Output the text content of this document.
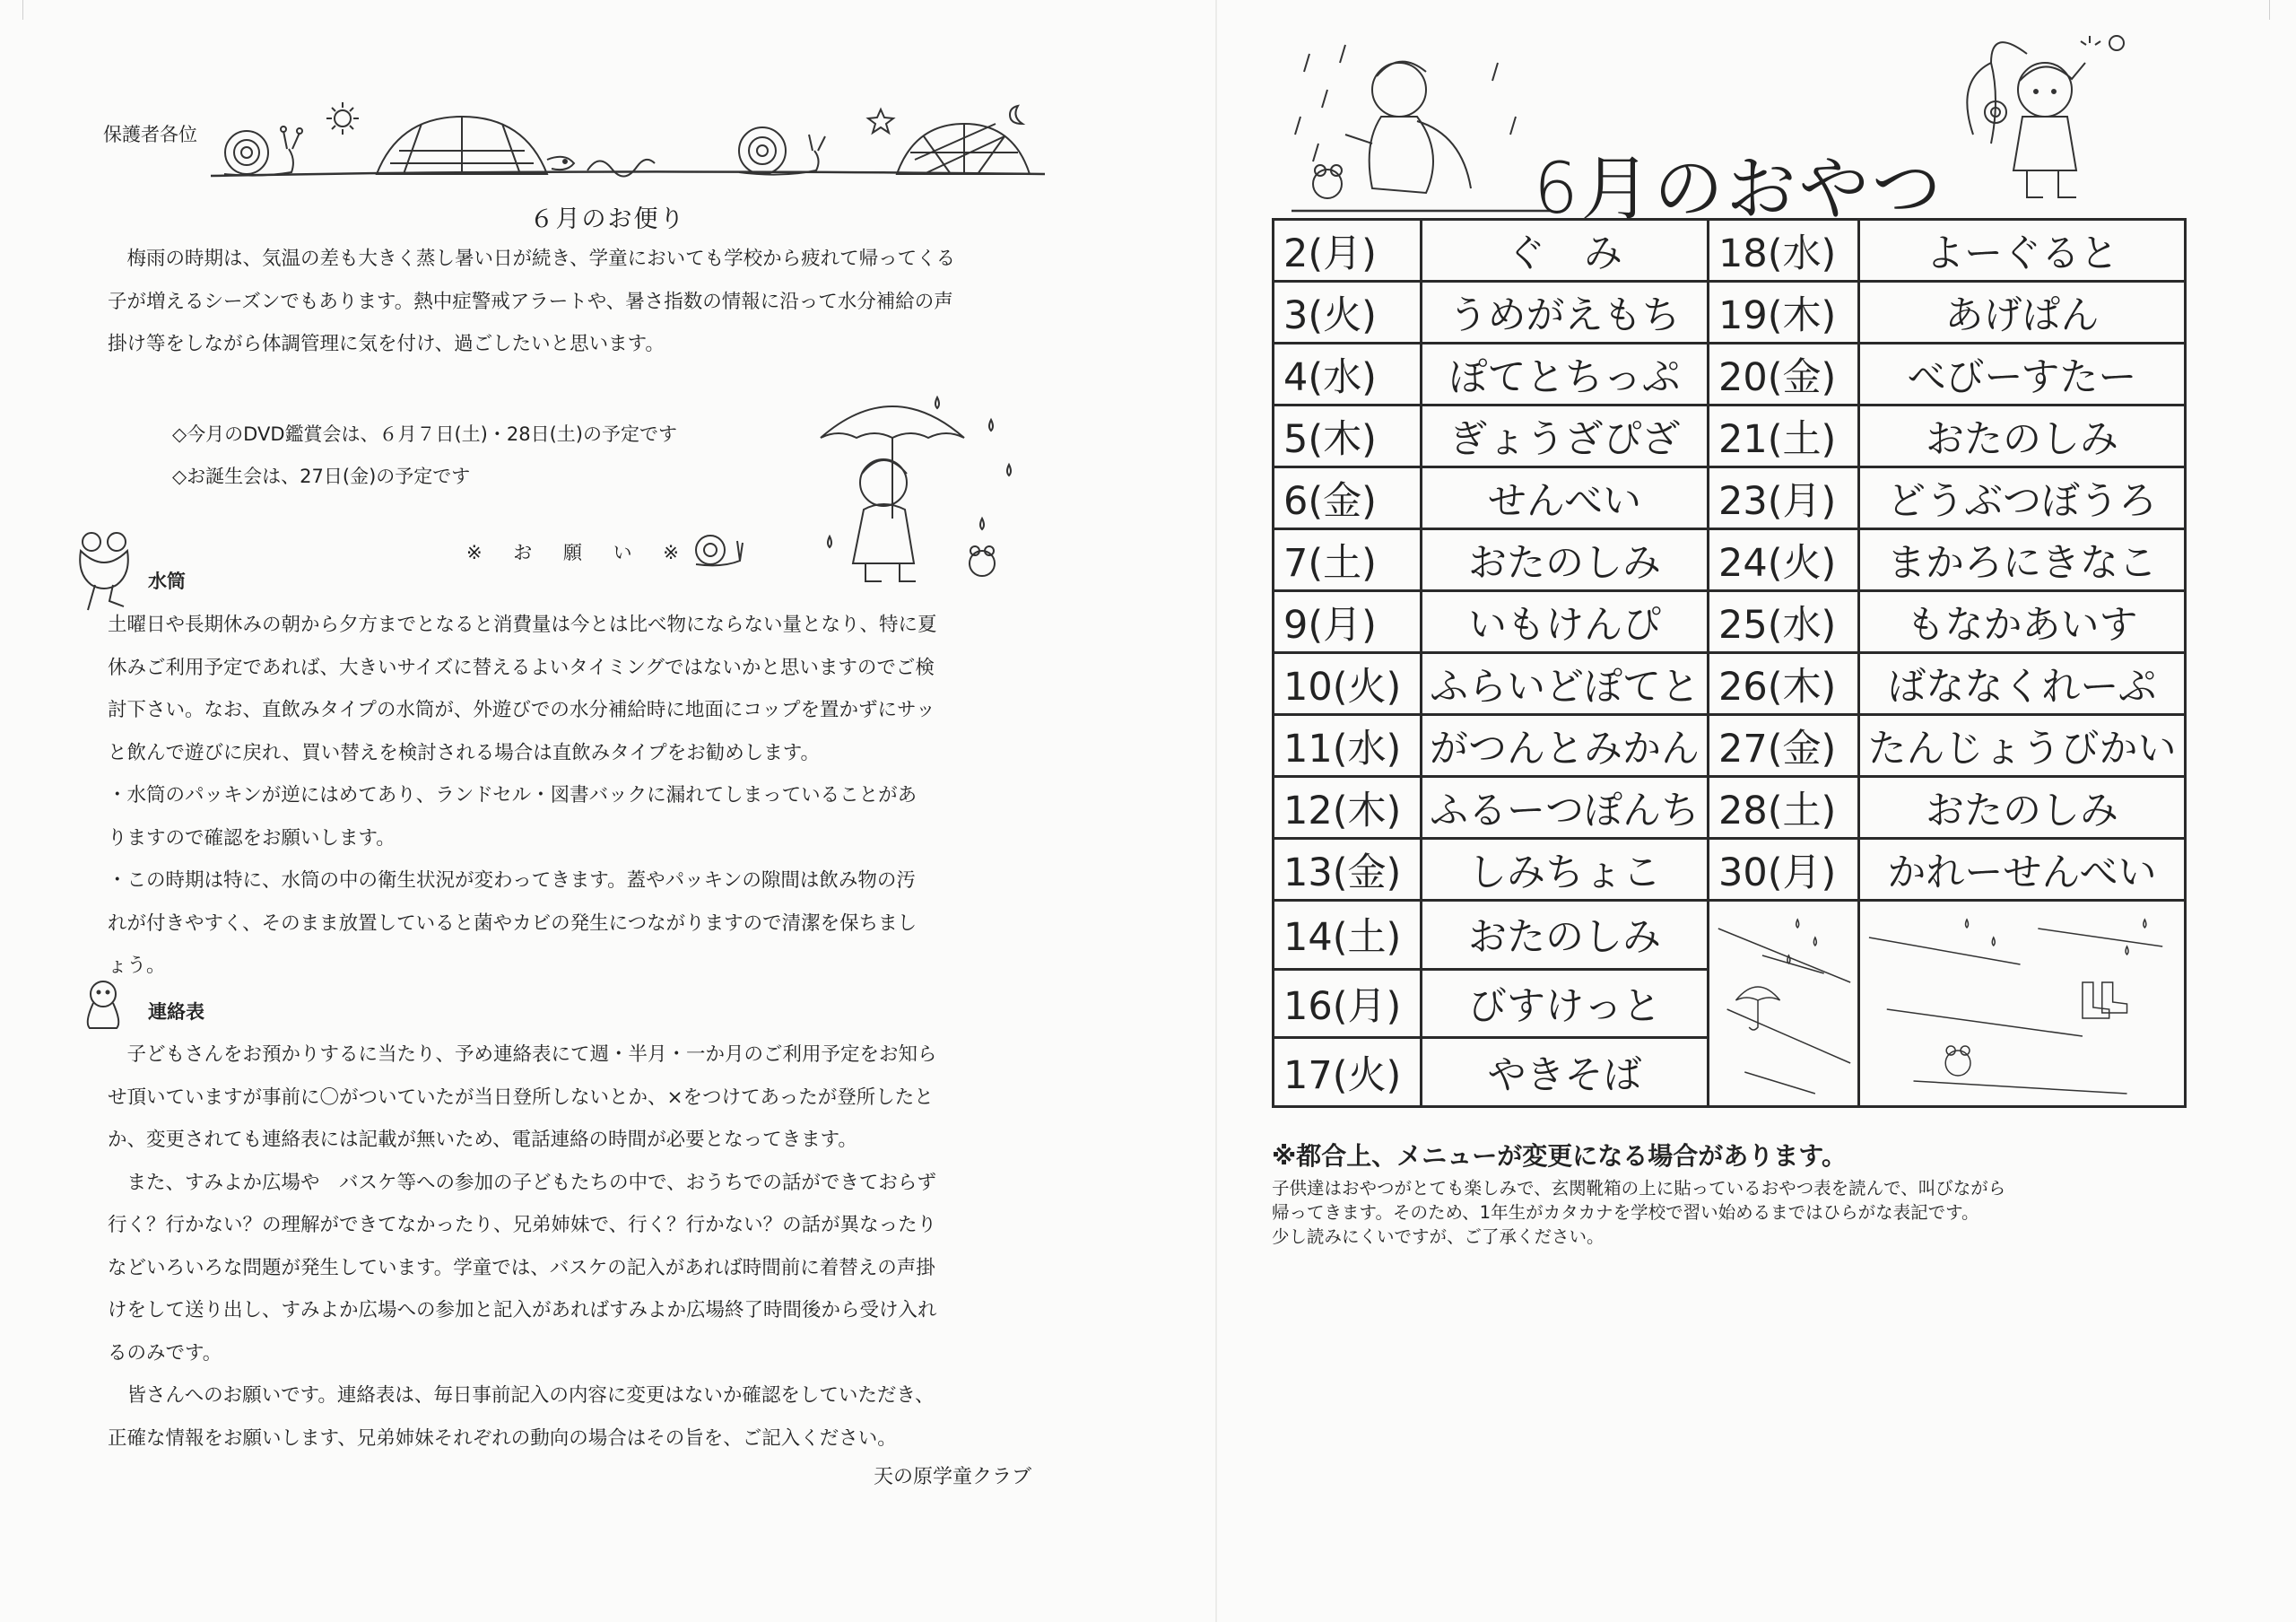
保護者各位
６月のお便り
梅雨の時期は、気温の差も大きく蒸し暑い日が続き、学童においても学校から疲れて帰ってくる
子が増えるシーズンでもあります。熱中症警戒アラートや、暑さ指数の情報に沿って水分補給の声
掛け等をしながら体調管理に気を付け、過ごしたいと思います。
◇今月のDVD鑑賞会は、６月７日(土)・28日(土)の予定です
◇お誕生会は、27日(金)の予定です
※ お 願 い ※
水筒
土曜日や長期休みの朝から夕方までとなると消費量は今とは比べ物にならない量となり、特に夏
休みご利用予定であれば、大きいサイズに替えるよいタイミングではないかと思いますのでご検
討下さい。なお、直飲みタイプの水筒が、外遊びでの水分補給時に地面にコップを置かずにサッ
と飲んで遊びに戻れ、買い替えを検討される場合は直飲みタイプをお勧めします。
・水筒のパッキンが逆にはめてあり、ランドセル・図書バックに漏れてしまっていることがあ
りますので確認をお願いします。
・この時期は特に、水筒の中の衛生状況が変わってきます。蓋やパッキンの隙間は飲み物の汚
れが付きやすく、そのまま放置していると菌やカビの発生につながりますので清潔を保ちまし
ょう。
連絡表
子どもさんをお預かりするに当たり、予め連絡表にて週・半月・一か月のご利用予定をお知ら
せ頂いていますが事前に〇がついていたが当日登所しないとか、×をつけてあったが登所したと
か、変更されても連絡表には記載が無いため、電話連絡の時間が必要となってきます。
また、すみよか広場や　バスケ等への参加の子どもたちの中で、おうちでの話ができておらず
行く？行かない？の理解ができてなかったり、兄弟姉妹で、行く？行かない？の話が異なったり
などいろいろな問題が発生しています。学童では、バスケの記入があれば時間前に着替えの声掛
けをして送り出し、すみよか広場への参加と記入があればすみよか広場終了時間後から受け入れ
るのみです。
皆さんへのお願いです。連絡表は、毎日事前記入の内容に変更はないか確認をしていただき、
正確な情報をお願いします、兄弟姉妹それぞれの動向の場合はその旨を、ご記入ください。
天の原学童クラブ
6月のおやつ
2(月)	ぐ　み	18(水)	よーぐると
3(火)	うめがえもち	19(木)	あげぱん
4(水)	ぽてとちっぷ	20(金)	べびーすたー
5(木)	ぎょうざぴざ	21(土)	おたのしみ
6(金)	せんべい	23(月)	どうぶつぼうろ
7(土)	おたのしみ	24(火)	まかろにきなこ
9(月)	いもけんぴ	25(水)	もなかあいす
10(火)	ふらいどぽてと	26(木)	ばななくれーぷ
11(水)	がつんとみかん	27(金)	たんじょうびかい
12(木)	ふるーつぽんち	28(土)	おたのしみ
13(金)	しみちょこ	30(月)	かれーせんべい
14(土)	おたのしみ		
16(月)	びすけっと		
17(火)	やきそば		
※都合上、メニューが変更になる場合があります。
子供達はおやつがとても楽しみで、玄関靴箱の上に貼っているおやつ表を読んで、叫びながら
帰ってきます。そのため、1年生がカタカナを学校で習い始めるまではひらがな表記です。
少し読みにくいですが、ご了承ください。
